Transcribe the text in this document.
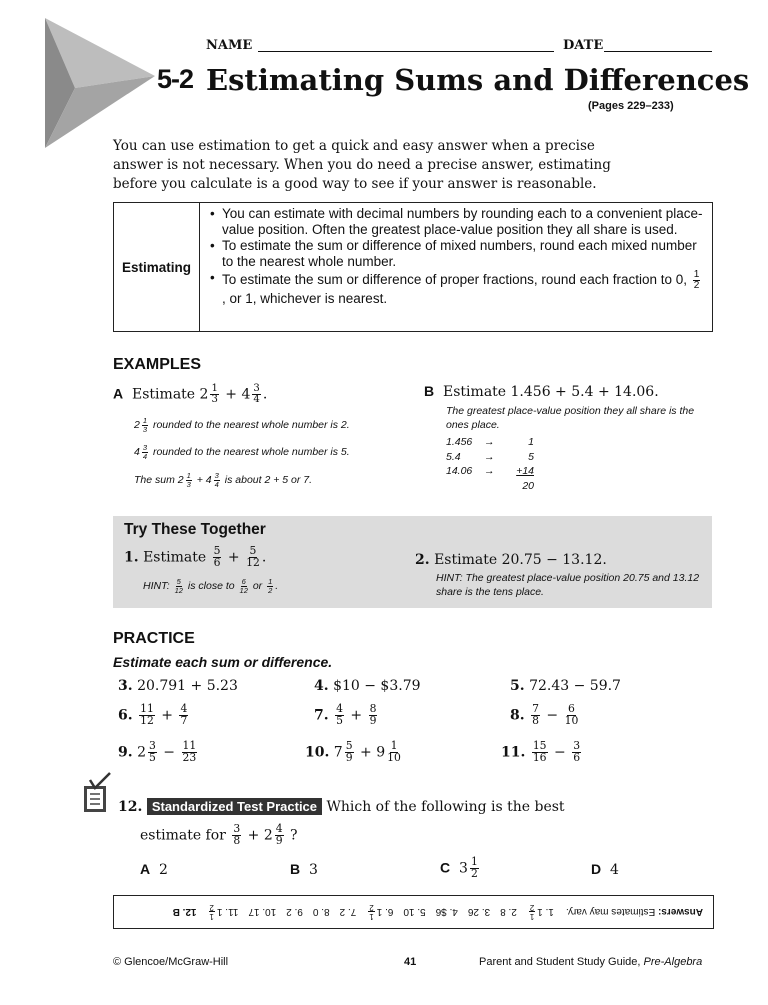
NAME	DATE
5-2 Estimating Sums and Differences
(Pages 229–233)
You can use estimation to get a quick and easy answer when a precise answer is not necessary. When you do need a precise answer, estimating before you calculate is a good way to see if your answer is reasonable.
Estimating
• You can estimate with decimal numbers by rounding each to a convenient place-value position. Often the greatest place-value position they all share is used.
• To estimate the sum or difference of mixed numbers, round each mixed number to the nearest whole number.
• To estimate the sum or difference of proper fractions, round each fraction to 0, $\frac{1}{2}$
, or 1, whichever is nearest.
EXAMPLES
A Estimate $2 \frac{1}{3} + 4 \frac{3}{4}$ .
$2 \frac{1}{3}$ rounded to the nearest whole number is 2.
$4 \frac{3}{4}$ rounded to the nearest whole number is 5.
The sum $2 \frac{1}{3} + 4 \frac{3}{4}$ is about 2 + 5 or 7.
B Estimate 1.456 + 5.4 + 14.06.
The greatest place-value position they all share is the ones place.
1.456	→	1
5.4	→	5
14.06	→	+14
20
Try These Together
1. Estimate $\frac{5}{6} + \frac{5}{12}$ .
HINT: $\frac{5}{12}$ is close to $\frac{6}{12}$ or $\frac{1}{2}$ .
2. Estimate 20.75 − 13.12.
HINT: The greatest place-value position 20.75 and 13.12 share is the tens place.
PRACTICE
Estimate each sum or difference.
3. 20.791 + 5.23	4. $10 − $3.79	5. 72.43 − 59.7
6. $\frac{11}{12} + \frac{4}{7}$	7. $\frac{4}{5} + \frac{8}{9}$	8. $\frac{7}{8} - \frac{6}{10}$
9. $2 \frac{3}{5} - \frac{11}{23}$	10. $7 \frac{5}{9} + 9 \frac{1}{10}$	11. $\frac{15}{16} - \frac{3}{6}$
12. Standardized Test Practice Which of the following is the best
estimate for $\frac{3}{8} + 2 \frac{4}{9}$ ?
A 2	B 3	C $3 \frac{1}{2}$	D 4
Answers:

Estimates may vary.
1. 1
1
2
2. 8
3. 26
4. $6
5. 10
6. 1
1
2
7. 2
8. 0
9. 2
10. 17
11. 1
1
2
12. B
© Glencoe/McGraw-Hill	41	Parent and Student Study Guide, Pre-Algebra
